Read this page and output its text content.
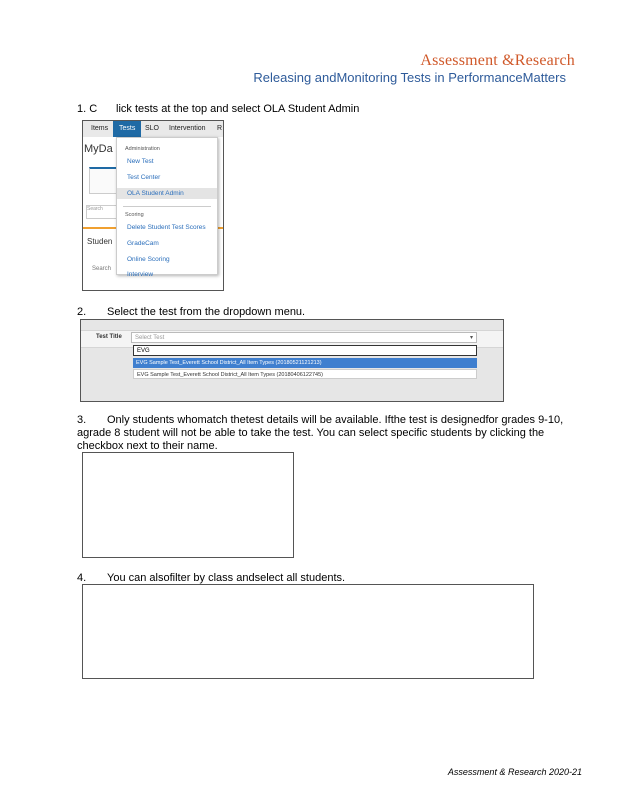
Assessment &Research
Releasing andMonitoring Tests in PerformanceMatters
1. C lick tests at the top and select OLA Student Admin
Items	Tests	SLO Intervention R
MyDa
Search
Studen
Search
Administration
New Test
Test Center
OLA Student Admin
Scoring
Delete Student Test Scores
GradeCam
Online Scoring
Interview
2. Select the test from the dropdown menu.
Test Title	Select Test	▾
EVG
EVG Sample Test_Everett School District_All Item Types (20180521121213)
EVG Sample Test_Everett School District_All Item Types (20180406122745)
3. Only students whomatch thetest details will be available. Ifthe test is designedfor grades 9-10, agrade 8 student will not be able to take the test. You can select specific students by clicking the checkbox next to their name.
4. You can alsofilter by class andselect all students.
Assessment & Research 2020-21
